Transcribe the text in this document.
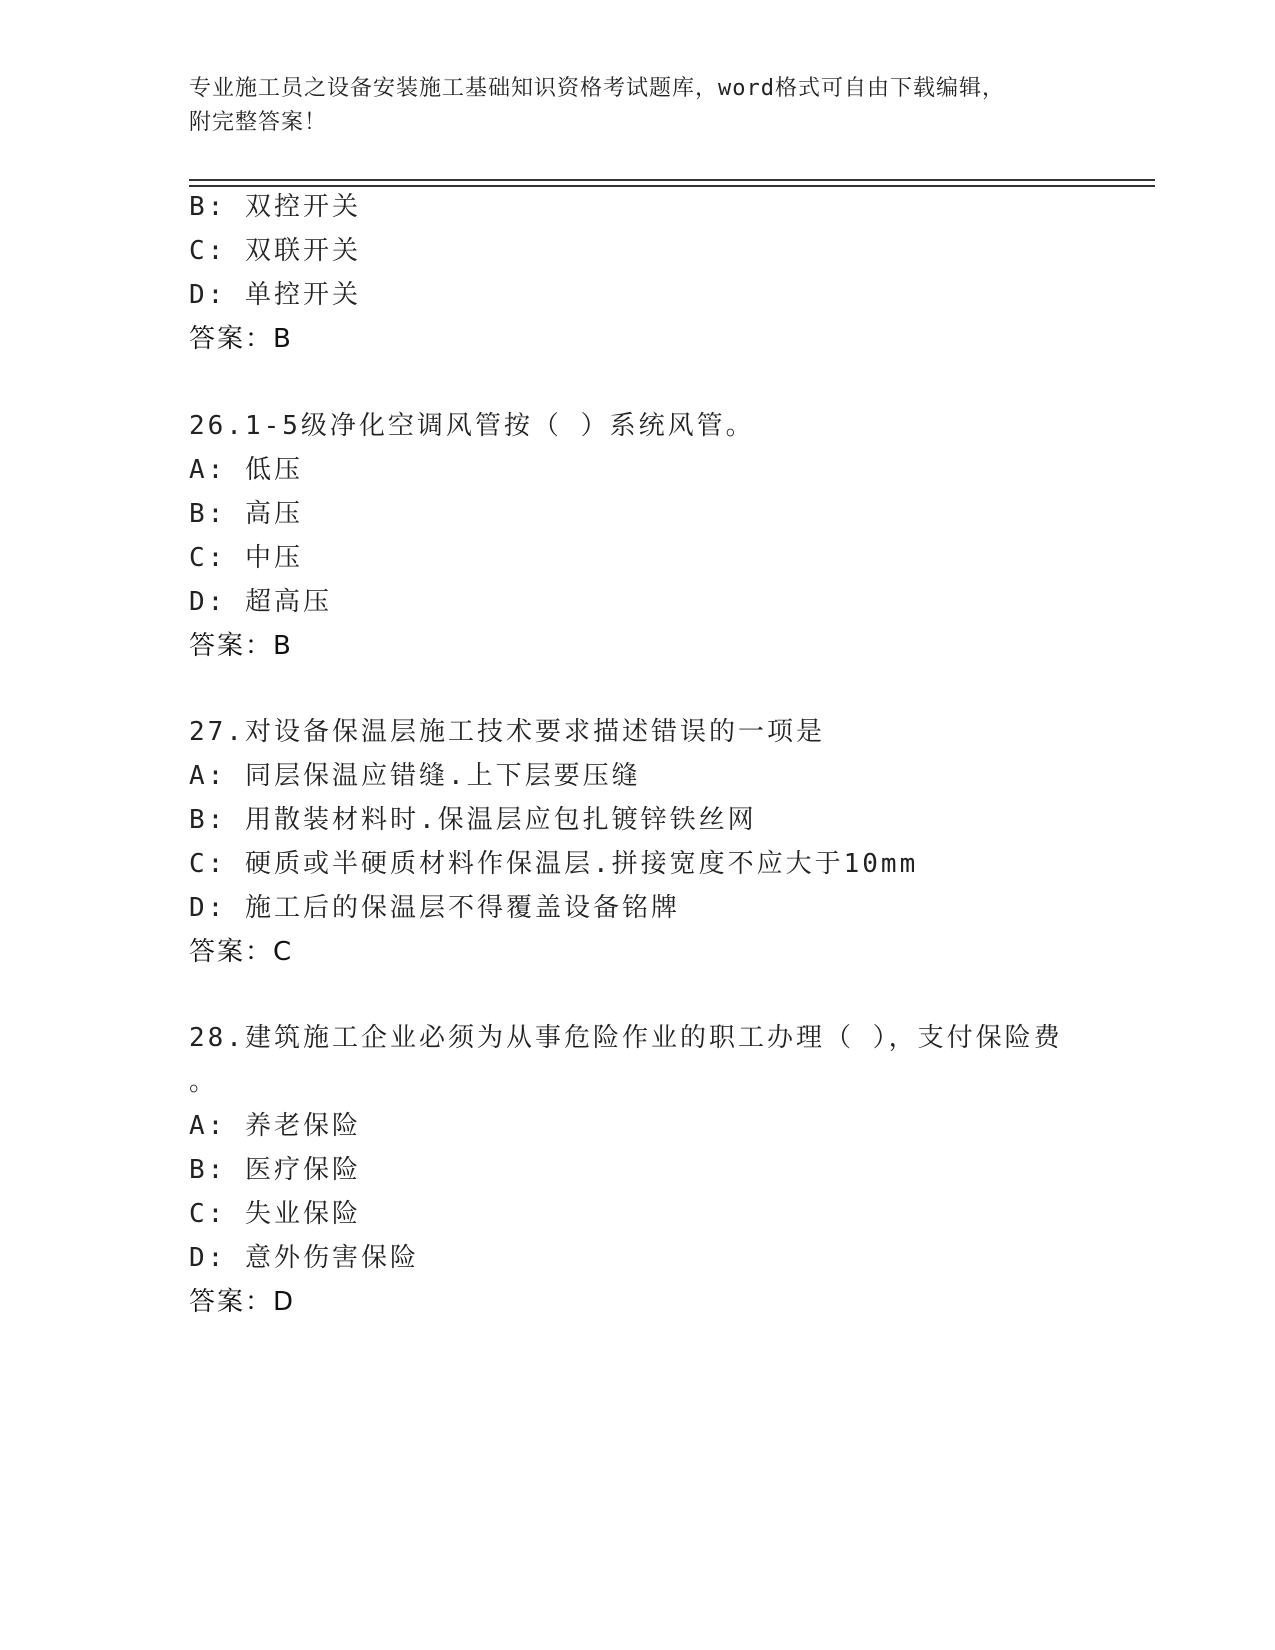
专业施工员之设备安装施工基础知识资格考试题库，word格式可自由下载编辑，
附完整答案！
B: 双控开关
C: 双联开关
D: 单控开关
答案：B
26.1-5级净化空调风管按（ ）系统风管。
A: 低压
B: 高压
C: 中压
D: 超高压
答案：B
27.对设备保温层施工技术要求描述错误的一项是
A: 同层保温应错缝.上下层要压缝
B: 用散装材料时.保温层应包扎镀锌铁丝网
C: 硬质或半硬质材料作保温层.拼接宽度不应大于10mm
D: 施工后的保温层不得覆盖设备铭牌
答案：C
28.建筑施工企业必须为从事危险作业的职工办理（ ），支付保险费
。
A: 养老保险
B: 医疗保险
C: 失业保险
D: 意外伤害保险
答案：D
